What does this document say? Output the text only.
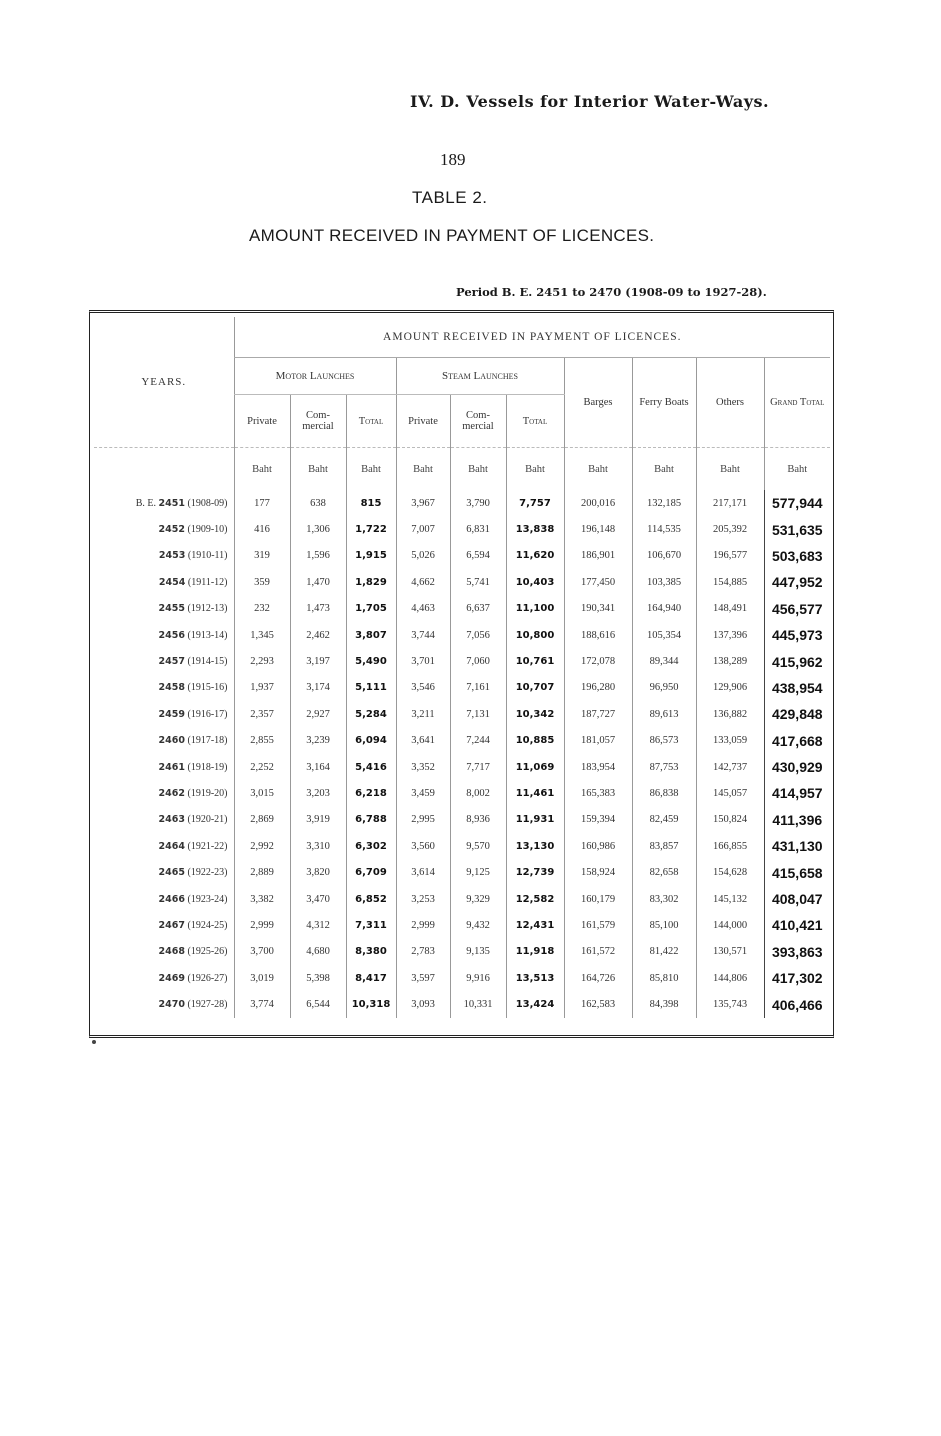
IV. D. Vessels for Interior Water-Ways.
189
TABLE 2.
AMOUNT RECEIVED IN PAYMENT OF LICENCES.
Period B. E. 2451 to 2470 (1908-09 to 1927-28).
YEARS.	AMOUNT RECEIVED IN PAYMENT OF LICENCES.									
	Motor Launches			Steam Launches			Barges	Ferry Boats	Others	Grand Total
	Private	Com-mercial	Total	Private	Com-mercial	Total				
	Baht	Baht	Baht	Baht	Baht	Baht	Baht	Baht	Baht	Baht
B. E. 2451 (1908-09)	177	638	815	3,967	3,790	7,757	200,016	132,185	217,171	577,944
2452 (1909-10)	416	1,306	1,722	7,007	6,831	13,838	196,148	114,535	205,392	531,635
2453 (1910-11)	319	1,596	1,915	5,026	6,594	11,620	186,901	106,670	196,577	503,683
2454 (1911-12)	359	1,470	1,829	4,662	5,741	10,403	177,450	103,385	154,885	447,952
2455 (1912-13)	232	1,473	1,705	4,463	6,637	11,100	190,341	164,940	148,491	456,577
2456 (1913-14)	1,345	2,462	3,807	3,744	7,056	10,800	188,616	105,354	137,396	445,973
2457 (1914-15)	2,293	3,197	5,490	3,701	7,060	10,761	172,078	89,344	138,289	415,962
2458 (1915-16)	1,937	3,174	5,111	3,546	7,161	10,707	196,280	96,950	129,906	438,954
2459 (1916-17)	2,357	2,927	5,284	3,211	7,131	10,342	187,727	89,613	136,882	429,848
2460 (1917-18)	2,855	3,239	6,094	3,641	7,244	10,885	181,057	86,573	133,059	417,668
2461 (1918-19)	2,252	3,164	5,416	3,352	7,717	11,069	183,954	87,753	142,737	430,929
2462 (1919-20)	3,015	3,203	6,218	3,459	8,002	11,461	165,383	86,838	145,057	414,957
2463 (1920-21)	2,869	3,919	6,788	2,995	8,936	11,931	159,394	82,459	150,824	411,396
2464 (1921-22)	2,992	3,310	6,302	3,560	9,570	13,130	160,986	83,857	166,855	431,130
2465 (1922-23)	2,889	3,820	6,709	3,614	9,125	12,739	158,924	82,658	154,628	415,658
2466 (1923-24)	3,382	3,470	6,852	3,253	9,329	12,582	160,179	83,302	145,132	408,047
2467 (1924-25)	2,999	4,312	7,311	2,999	9,432	12,431	161,579	85,100	144,000	410,421
2468 (1925-26)	3,700	4,680	8,380	2,783	9,135	11,918	161,572	81,422	130,571	393,863
2469 (1926-27)	3,019	5,398	8,417	3,597	9,916	13,513	164,726	85,810	144,806	417,302
2470 (1927-28)	3,774	6,544	10,318	3,093	10,331	13,424	162,583	84,398	135,743	406,466
